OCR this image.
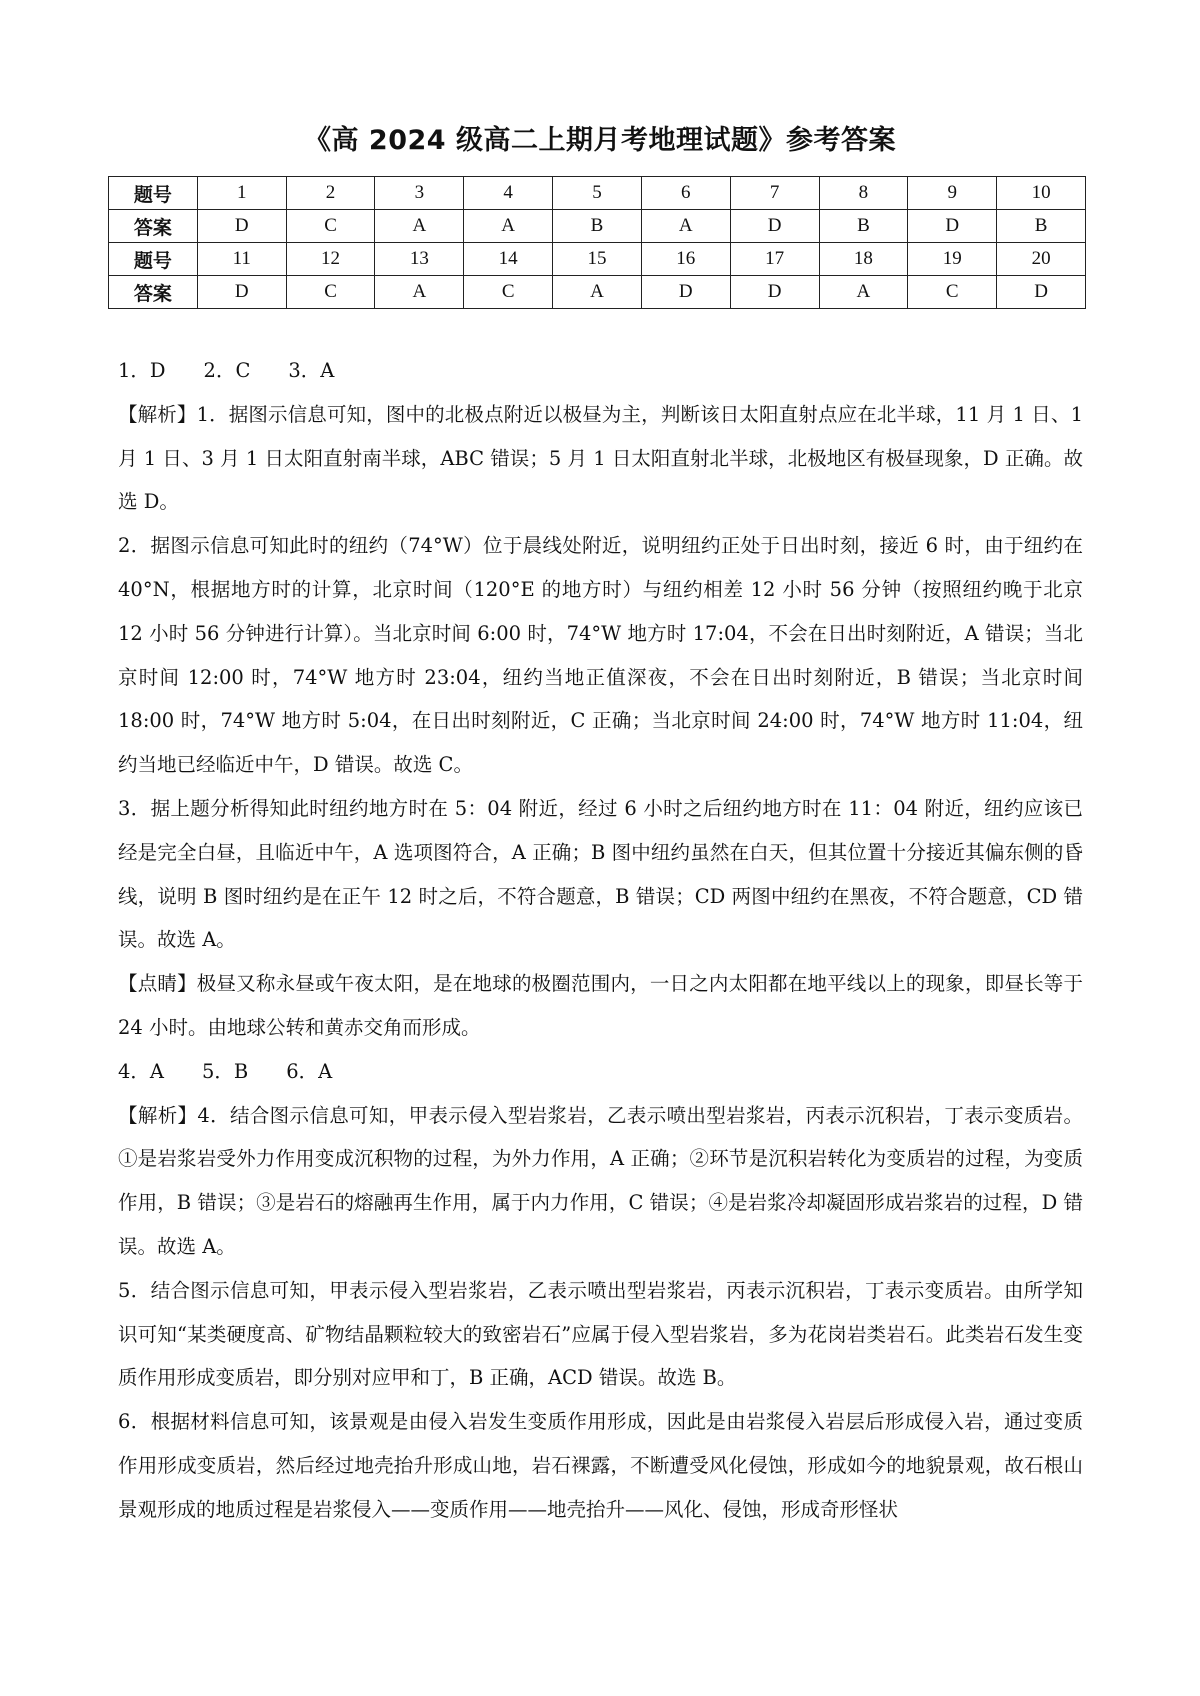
《高 2024 级高二上期月考地理试题》参考答案
题号	1	2	3	4	5	6	7	8	9	10
答案	D	C	A	A	B	A	D	B	D	B
题号	11	12	13	14	15	16	17	18	19	20
答案	D	C	A	C	A	D	D	A	C	D

1．D 2．C 3．A

【解析】1．据图示信息可知，图中的北极点附近以极昼为主，判断该日太阳直射点应在北半球，11 月 1 日、1 月 1 日、3 月 1 日太阳直射南半球，ABC 错误；5 月 1 日太阳直射北半球，北极地区有极昼现象，D 正确。故选 D。

2．据图示信息可知此时的纽约（74°W）位于晨线处附近，说明纽约正处于日出时刻，接近 6 时，由于纽约在 40°N，根据地方时的计算，北京时间（120°E 的地方时）与纽约相差 12 小时 56 分钟（按照纽约晚于北京 12 小时 56 分钟进行计算）。当北京时间 6:00 时，74°W 地方时 17:04，不会在日出时刻附近，A 错误；当北京时间 12:00 时，74°W 地方时 23:04，纽约当地正值深夜，不会在日出时刻附近，B 错误；当北京时间 18:00 时，74°W 地方时 5:04，在日出时刻附近，C 正确；当北京时间 24:00 时，74°W 地方时 11:04，纽约当地已经临近中午，D 错误。故选 C。

3．据上题分析得知此时纽约地方时在 5：04 附近，经过 6 小时之后纽约地方时在 11：04 附近，纽约应该已经是完全白昼，且临近中午，A 选项图符合，A 正确；B 图中纽约虽然在白天，但其位置十分接近其偏东侧的昏线，说明 B 图时纽约是在正午 12 时之后，不符合题意，B 错误；CD 两图中纽约在黑夜，不符合题意，CD 错误。故选 A。

【点睛】极昼又称永昼或午夜太阳，是在地球的极圈范围内，一日之内太阳都在地平线以上的现象，即昼长等于 24 小时。由地球公转和黄赤交角而形成。

4．A 5．B 6．A

【解析】4．结合图示信息可知，甲表示侵入型岩浆岩，乙表示喷出型岩浆岩，丙表示沉积岩，丁表示变质岩。①是岩浆岩受外力作用变成沉积物的过程，为外力作用，A 正确；②环节是沉积岩转化为变质岩的过程，为变质作用，B 错误；③是岩石的熔融再生作用，属于内力作用，C 错误；④是岩浆冷却凝固形成岩浆岩的过程，D 错误。故选 A。

5．结合图示信息可知，甲表示侵入型岩浆岩，乙表示喷出型岩浆岩，丙表示沉积岩，丁表示变质岩。由所学知识可知“某类硬度高、矿物结晶颗粒较大的致密岩石”应属于侵入型岩浆岩，多为花岗岩类岩石。此类岩石发生变质作用形成变质岩，即分别对应甲和丁，B 正确，ACD 错误。故选 B。

6．根据材料信息可知，该景观是由侵入岩发生变质作用形成，因此是由岩浆侵入岩层后形成侵入岩，通过变质作用形成变质岩，然后经过地壳抬升形成山地，岩石裸露，不断遭受风化侵蚀，形成如今的地貌景观，故石根山景观形成的地质过程是岩浆侵入——变质作用——地壳抬升——风化、侵蚀，形成奇形怪状
